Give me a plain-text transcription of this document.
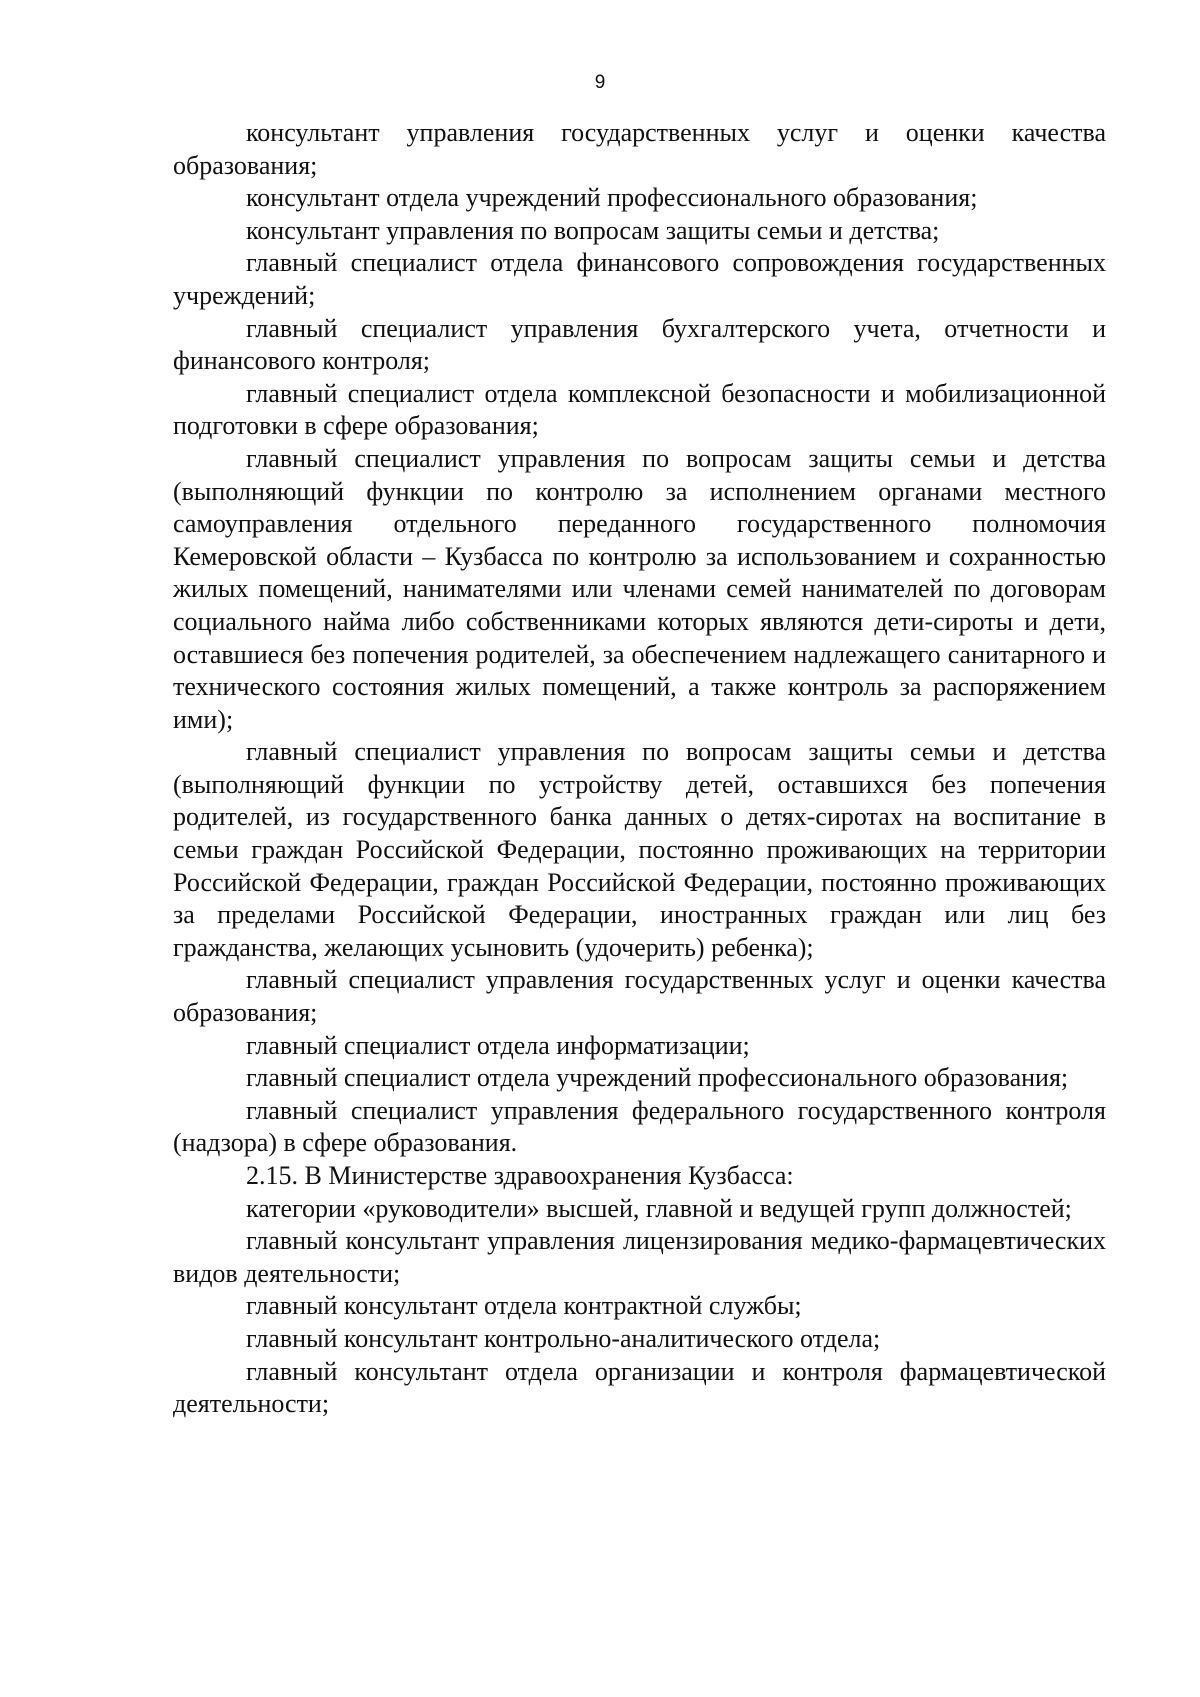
9

консультант управления государственных услуг и оценки качества образования;

консультант отдела учреждений профессионального образования;

консультант управления по вопросам защиты семьи и детства;

главный специалист отдела финансового сопровождения государственных учреждений;

главный специалист управления бухгалтерского учета, отчетности и финансового контроля;

главный специалист отдела комплексной безопасности и мобилизационной подготовки в сфере образования;

главный специалист управления по вопросам защиты семьи и детства (выполняющий функции по контролю за исполнением органами местного самоуправления отдельного переданного государственного полномочия Кемеровской области – Кузбасса по контролю за использованием и сохранностью жилых помещений, нанимателями или членами семей нанимателей по договорам социального найма либо собственниками которых являются дети-сироты и дети, оставшиеся без попечения родителей, за обеспечением надлежащего санитарного и технического состояния жилых помещений, а также контроль за распоряжением ими);

главный специалист управления по вопросам защиты семьи и детства (выполняющий функции по устройству детей, оставшихся без попечения родителей, из государственного банка данных о детях-сиротах на воспитание в семьи граждан Российской Федерации, постоянно проживающих на территории Российской Федерации, граждан Российской Федерации, постоянно проживающих за пределами Российской Федерации, иностранных граждан или лиц без гражданства, желающих усыновить (удочерить) ребенка);

главный специалист управления государственных услуг и оценки качества образования;

главный специалист отдела информатизации;

главный специалист отдела учреждений профессионального образования;

главный специалист управления федерального государственного контроля (надзора) в сфере образования.

2.15. В Министерстве здравоохранения Кузбасса:

категории «руководители» высшей, главной и ведущей групп должностей;

главный консультант управления лицензирования медико-фармацевтических видов деятельности;

главный консультант отдела контрактной службы;

главный консультант контрольно-аналитического отдела;

главный консультант отдела организации и контроля фармацевтической деятельности;
